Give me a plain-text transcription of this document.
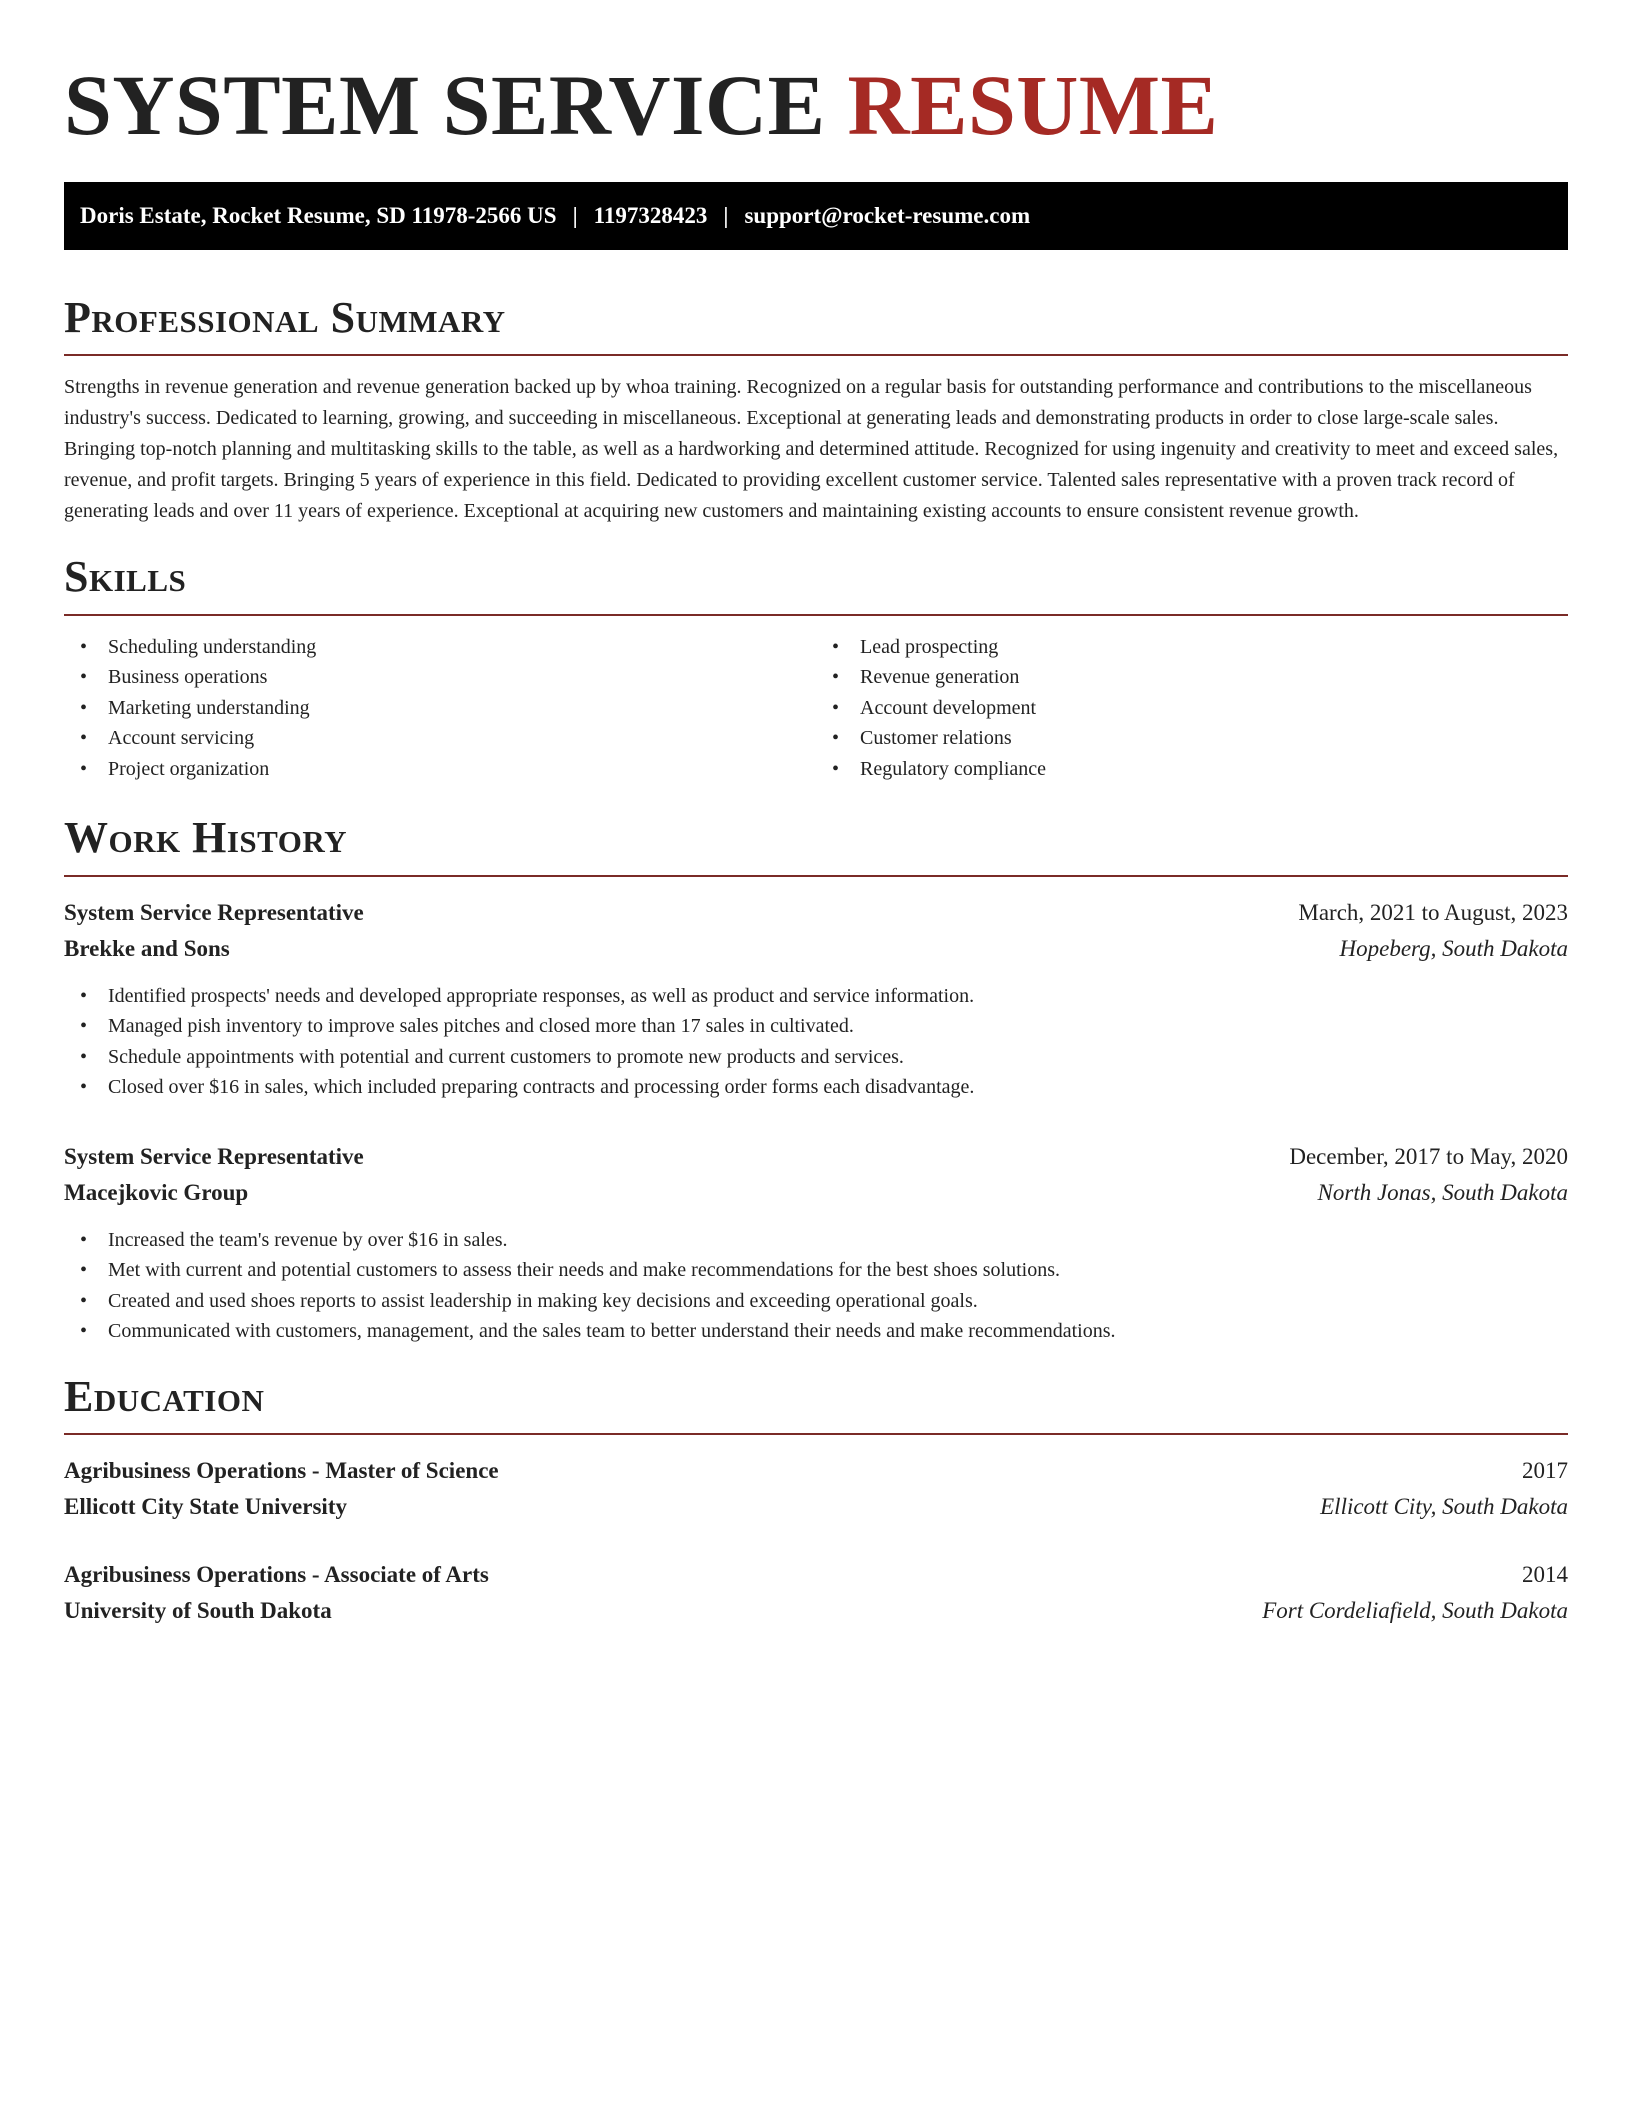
SYSTEM SERVICE RESUME
Doris Estate, Rocket Resume, SD 11978-2566 US | 1197328423 | support@rocket-resume.com
Professional Summary

Strengths in revenue generation and revenue generation backed up by whoa training. Recognized on a regular basis for outstanding performance and contributions to the miscellaneous industry's success. Dedicated to learning, growing, and succeeding in miscellaneous. Exceptional at generating leads and demonstrating products in order to close large-scale sales. Bringing top-notch planning and multitasking skills to the table, as well as a hardworking and determined attitude. Recognized for using ingenuity and creativity to meet and exceed sales, revenue, and profit targets. Bringing 5 years of experience in this field. Dedicated to providing excellent customer service. Talented sales representative with a proven track record of generating leads and over 11 years of experience. Exceptional at acquiring new customers and maintaining existing accounts to ensure consistent revenue growth.

Skills
• Scheduling understanding
• Business operations
• Marketing understanding
• Account servicing
• Project organization
• Lead prospecting
• Revenue generation
• Account development
• Customer relations
• Regulatory compliance
Work History
System Service Representative	March, 2021 to August, 2023
Brekke and Sons	Hopeberg, South Dakota
• Identified prospects' needs and developed appropriate responses, as well as product and service information.
• Managed pish inventory to improve sales pitches and closed more than 17 sales in cultivated.
• Schedule appointments with potential and current customers to promote new products and services.
• Closed over $16 in sales, which included preparing contracts and processing order forms each disadvantage.
System Service Representative	December, 2017 to May, 2020
Macejkovic Group	North Jonas, South Dakota
• Increased the team's revenue by over $16 in sales.
• Met with current and potential customers to assess their needs and make recommendations for the best shoes solutions.
• Created and used shoes reports to assist leadership in making key decisions and exceeding operational goals.
• Communicated with customers, management, and the sales team to better understand their needs and make recommendations.
Education
Agribusiness Operations - Master of Science	2017
Ellicott City State University	Ellicott City, South Dakota
Agribusiness Operations - Associate of Arts	2014
University of South Dakota	Fort Cordeliafield, South Dakota
